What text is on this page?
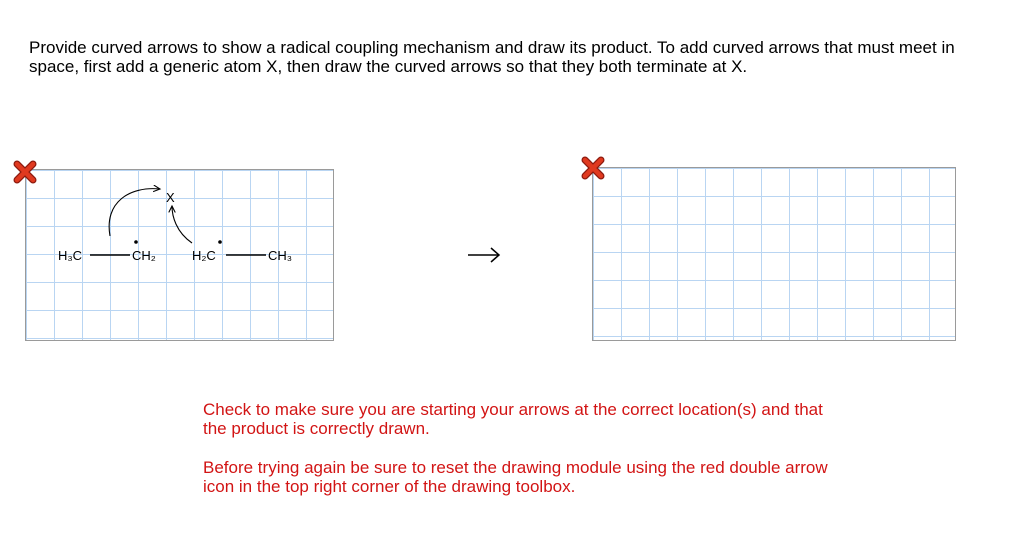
Provide curved arrows to show a radical coupling mechanism and draw its product. To add curved arrows that must meet in space, first add a generic atom X, then draw the curved arrows so that they both terminate at X.

H₃C	CH₂	H₂C	CH₃
X

Check to make sure you are starting your arrows at the correct location(s) and that the product is correctly drawn.

Before trying again be sure to reset the drawing module using the red double arrow icon in the top right corner of the drawing toolbox.
